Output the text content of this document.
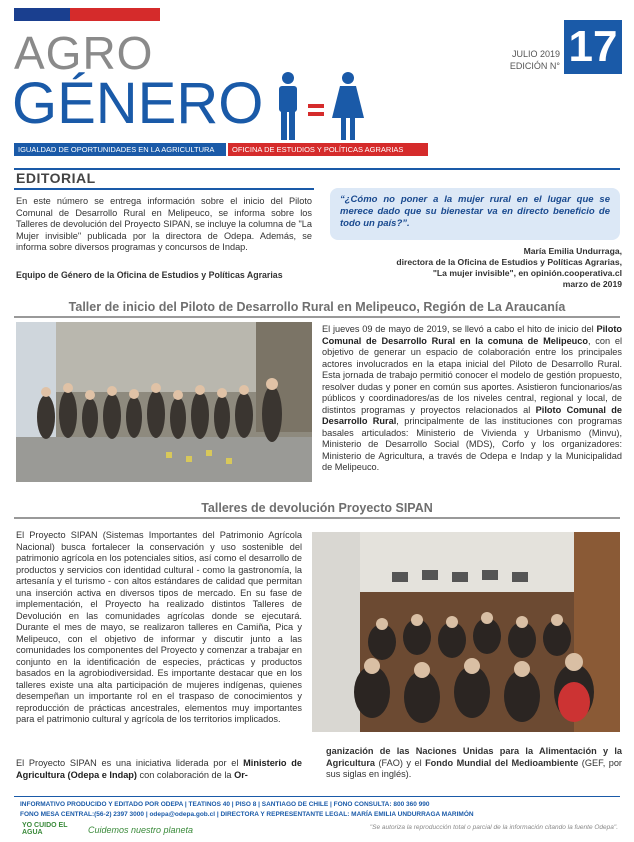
AGRO
GÉNERO
JULIO 2019
EDICIÓN N° 17
IGUALDAD DE OPORTUNIDADES EN LA AGRICULTURA	OFICINA DE ESTUDIOS Y POLÍTICAS AGRARIAS
EDITORIAL
En este número se entrega información sobre el inicio del Piloto Comunal de Desarrollo Rural en Melipeuco, se informa sobre los Talleres de devolución del Proyecto SIPAN, se incluye la columna de "La Mujer invisible" publicada por la directora de Odepa. Además, se informa sobre diversos programas y concursos de Indap.
Equipo de Género de la Oficina de Estudios y Políticas Agrarias
“¿Cómo no poner a la mujer rural en el lugar que se merece dado que su bienestar va en directo beneficio de todo un país?”.
María Emilia Undurraga,
directora de la Oficina de Estudios y Políticas Agrarias,
"La mujer invisible", en opinión.cooperativa.cl
marzo de 2019
Taller de inicio del Piloto de Desarrollo Rural en Melipeuco, Región de La Araucanía
El jueves 09 de mayo de 2019, se llevó a cabo el hito de inicio del Piloto Comunal de Desarrollo Rural en la comuna de Melipeuco, con el objetivo de generar un espacio de colaboración entre los principales actores involucrados en la etapa inicial del Piloto de Desarrollo Rural. Esta jornada de trabajo permitió conocer el modelo de gestión propuesto, resolver dudas y poner en común sus aportes. Asistieron funcionarios/as públicos y coordinadores/as de los niveles central, regional y local, de distintos programas y proyectos relacionados al Piloto Comunal de Desarrollo Rural, principalmente de las instituciones con programas basales articulados: Ministerio de Vivienda y Urbanismo (Minvu), Ministerio de Desarrollo Social (MDS), Corfo y los organizadores: Ministerio de Agricultura, a través de Odepa e Indap y la Municipalidad de Melipeuco.
Talleres de devolución Proyecto SIPAN
El Proyecto SIPAN (Sistemas Importantes del Patrimonio Agrícola Nacional) busca fortalecer la conservación y uso sostenible del patrimonio agrícola en los potenciales sitios, así como el desarrollo de productos y servicios con identidad cultural - como la gastronomía, la artesanía y el turismo - con altos estándares de calidad que permitan una inserción activa en diversos tipos de mercado. En su fase de implementación, el Proyecto ha realizado distintos Talleres de Devolución en las comunidades agrícolas donde se ejecutará. Durante el mes de mayo, se realizaron talleres en Camiña, Pica y Melipeuco, con el objetivo de informar y discutir junto a las comunidades los componentes del Proyecto y comenzar a trabajar en conjunto en la identificación de especies, prácticas y productos basados en la agrobiodiversidad. Es importante destacar que en los talleres existe una alta participación de mujeres indígenas, quienes desempeñan un importante rol en el traspaso de conocimientos y reproducción de prácticas ancestrales, elementos muy importantes para el patrimonio cultural y agrícola de los territorios implicados.
El Proyecto SIPAN es una iniciativa liderada por el Ministerio de Agricultura (Odepa e Indap) con colaboración de la Or-
ganización de las Naciones Unidas para la Alimentación y la Agricultura (FAO) y el Fondo Mundial del Medioambiente (GEF, por sus siglas en inglés).
INFORMATIVO PRODUCIDO Y EDITADO POR ODEPA | TEATINOS 40 | PISO 8 | SANTIAGO DE CHILE | FONO CONSULTA: 800 360 990
FONO MESA CENTRAL:(56-2) 2397 3000 | odepa@odepa.gob.cl | DIRECTORA Y REPRESENTANTE LEGAL: MARÍA EMILIA UNDURRAGA MARIMÓN
YO CUIDO EL AGUA	Cuidemos nuestro planeta	"Se autoriza la reproducción total o parcial de la información citando la fuente Odepa".
